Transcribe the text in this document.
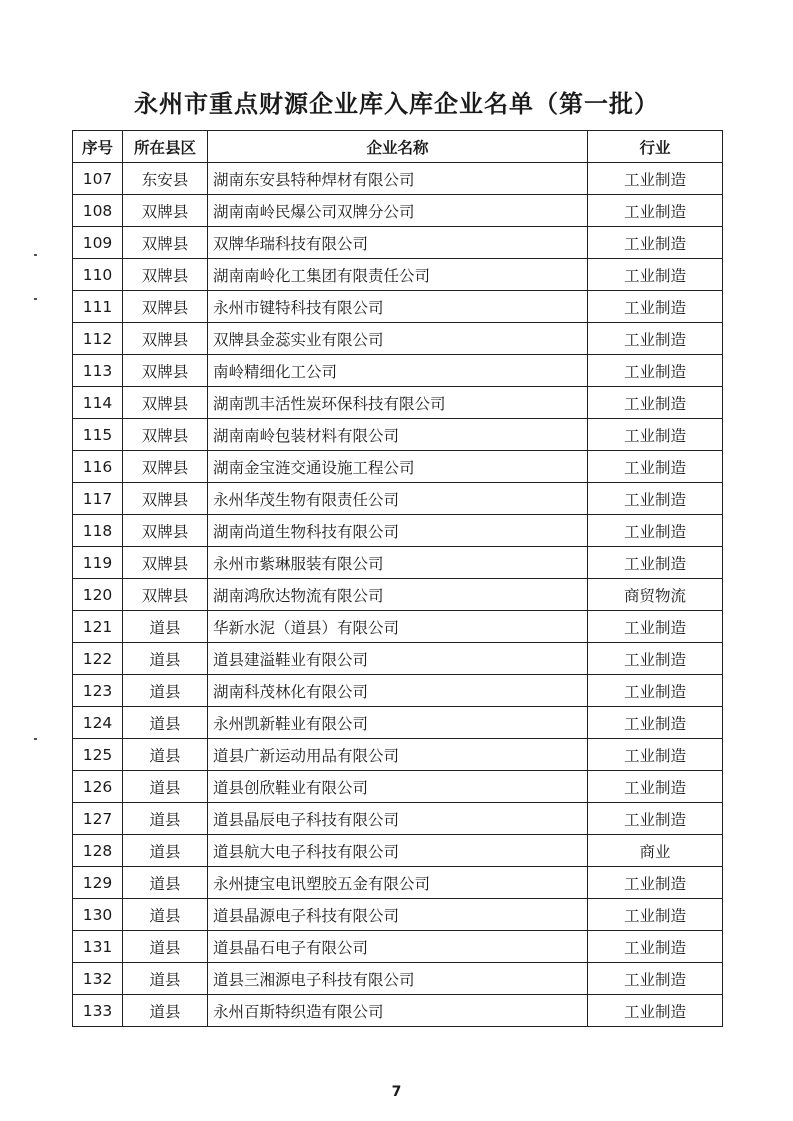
永州市重点财源企业库入库企业名单（第一批）
序号	所在县区	企业名称	行业
107	东安县	湖南东安县特种焊材有限公司	工业制造
108	双牌县	湖南南岭民爆公司双牌分公司	工业制造
109	双牌县	双牌华瑞科技有限公司	工业制造
110	双牌县	湖南南岭化工集团有限责任公司	工业制造
111	双牌县	永州市键特科技有限公司	工业制造
112	双牌县	双牌县金蕊实业有限公司	工业制造
113	双牌县	南岭精细化工公司	工业制造
114	双牌县	湖南凯丰活性炭环保科技有限公司	工业制造
115	双牌县	湖南南岭包装材料有限公司	工业制造
116	双牌县	湖南金宝涟交通设施工程公司	工业制造
117	双牌县	永州华茂生物有限责任公司	工业制造
118	双牌县	湖南尚道生物科技有限公司	工业制造
119	双牌县	永州市紫琳服装有限公司	工业制造
120	双牌县	湖南鸿欣达物流有限公司	商贸物流
121	道县	华新水泥（道县）有限公司	工业制造
122	道县	道县建溢鞋业有限公司	工业制造
123	道县	湖南科茂林化有限公司	工业制造
124	道县	永州凯新鞋业有限公司	工业制造
125	道县	道县广新运动用品有限公司	工业制造
126	道县	道县创欣鞋业有限公司	工业制造
127	道县	道县晶辰电子科技有限公司	工业制造
128	道县	道县航大电子科技有限公司	商业
129	道县	永州捷宝电讯塑胶五金有限公司	工业制造
130	道县	道县晶源电子科技有限公司	工业制造
131	道县	道县晶石电子有限公司	工业制造
132	道县	道县三湘源电子科技有限公司	工业制造
133	道县	永州百斯特织造有限公司	工业制造
7
